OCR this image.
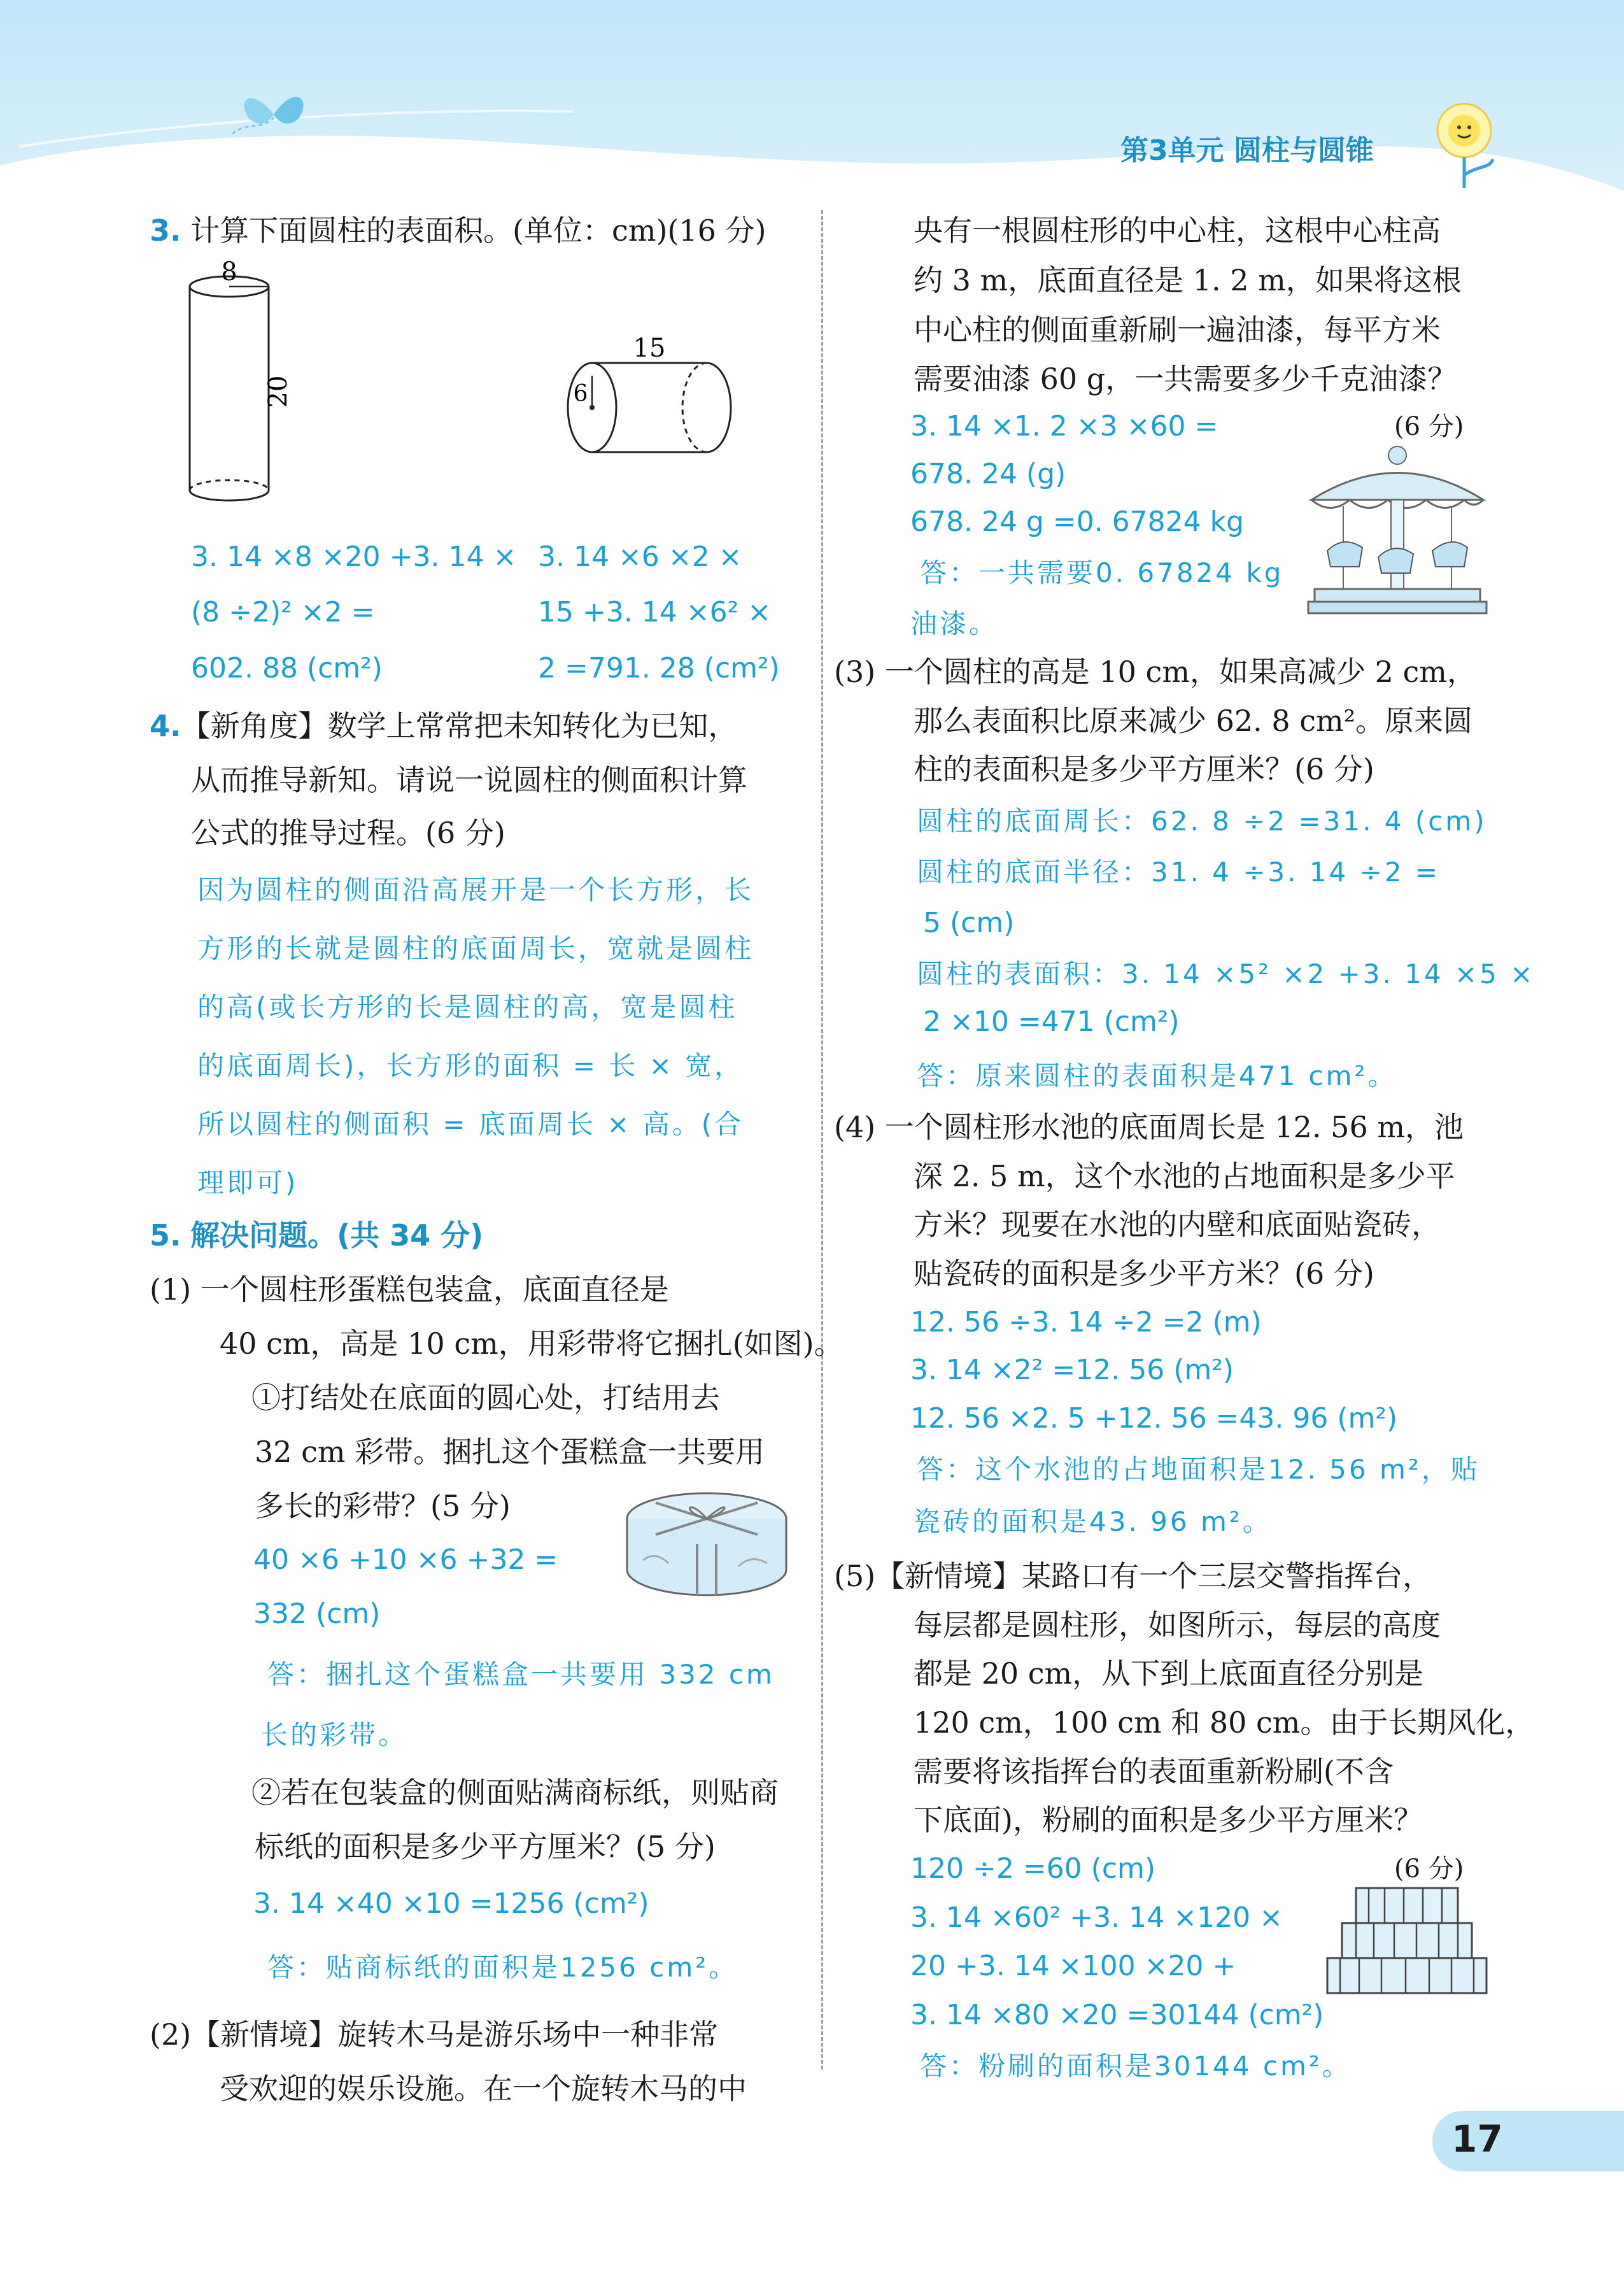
第3单元 圆柱与圆锥
3. 计算下面圆柱的表面积。(单位：cm)(16 分)
8
20
15
6
3. 14 ×8 ×20 +3. 14 ×
(8 ÷2)² ×2 =
602. 88 (cm²)
3. 14 ×6 ×2 ×
15 +3. 14 ×6² ×
2 =791. 28 (cm²)
4.【新角度】数学上常常把未知转化为已知，
从而推导新知。请说一说圆柱的侧面积计算
公式的推导过程。(6 分)
因为圆柱的侧面沿高展开是一个长方形，长
方形的长就是圆柱的底面周长，宽就是圆柱
的高(或长方形的长是圆柱的高，宽是圆柱
的底面周长)，长方形的面积 = 长 × 宽，
所以圆柱的侧面积 = 底面周长 × 高。(合
理即可)
5. 解决问题。(共 34 分)
(1) 一个圆柱形蛋糕包装盒，底面直径是
40 cm，高是 10 cm，用彩带将它捆扎(如图)。
①打结处在底面的圆心处，打结用去
32 cm 彩带。捆扎这个蛋糕盒一共要用
多长的彩带？(5 分)
40 ×6 +10 ×6 +32 =
332 (cm)
答：捆扎这个蛋糕盒一共要用 332 cm
长的彩带。
②若在包装盒的侧面贴满商标纸，则贴商
标纸的面积是多少平方厘米？(5 分)
3. 14 ×40 ×10 =1256 (cm²)
答：贴商标纸的面积是1256 cm²。
(2)【新情境】旋转木马是游乐场中一种非常
受欢迎的娱乐设施。在一个旋转木马的中
央有一根圆柱形的中心柱，这根中心柱高
约 3 m，底面直径是 1. 2 m，如果将这根
中心柱的侧面重新刷一遍油漆，每平方米
需要油漆 60 g，一共需要多少千克油漆？
3. 14 ×1. 2 ×3 ×60 =	(6 分)
678. 24 (g)
678. 24 g =0. 67824 kg
答：一共需要0. 67824 kg
油漆。
(3) 一个圆柱的高是 10 cm，如果高减少 2 cm，
那么表面积比原来减少 62. 8 cm²。原来圆
柱的表面积是多少平方厘米？(6 分)
圆柱的底面周长：62. 8 ÷2 =31. 4 (cm)
圆柱的底面半径：31. 4 ÷3. 14 ÷2 =
5 (cm)
圆柱的表面积：3. 14 ×5² ×2 +3. 14 ×5 ×
2 ×10 =471 (cm²)
答：原来圆柱的表面积是471 cm²。
(4) 一个圆柱形水池的底面周长是 12. 56 m，池
深 2. 5 m，这个水池的占地面积是多少平
方米？现要在水池的内壁和底面贴瓷砖，
贴瓷砖的面积是多少平方米？(6 分)
12. 56 ÷3. 14 ÷2 =2 (m)
3. 14 ×2² =12. 56 (m²)
12. 56 ×2. 5 +12. 56 =43. 96 (m²)
答：这个水池的占地面积是12. 56 m²，贴
瓷砖的面积是43. 96 m²。
(5)【新情境】某路口有一个三层交警指挥台，
每层都是圆柱形，如图所示，每层的高度
都是 20 cm，从下到上底面直径分别是
120 cm，100 cm 和 80 cm。由于长期风化，
需要将该指挥台的表面重新粉刷(不含
下底面)，粉刷的面积是多少平方厘米？
120 ÷2 =60 (cm)	(6 分)
3. 14 ×60² +3. 14 ×120 ×
20 +3. 14 ×100 ×20 +
3. 14 ×80 ×20 =30144 (cm²)
答：粉刷的面积是30144 cm²。
17
